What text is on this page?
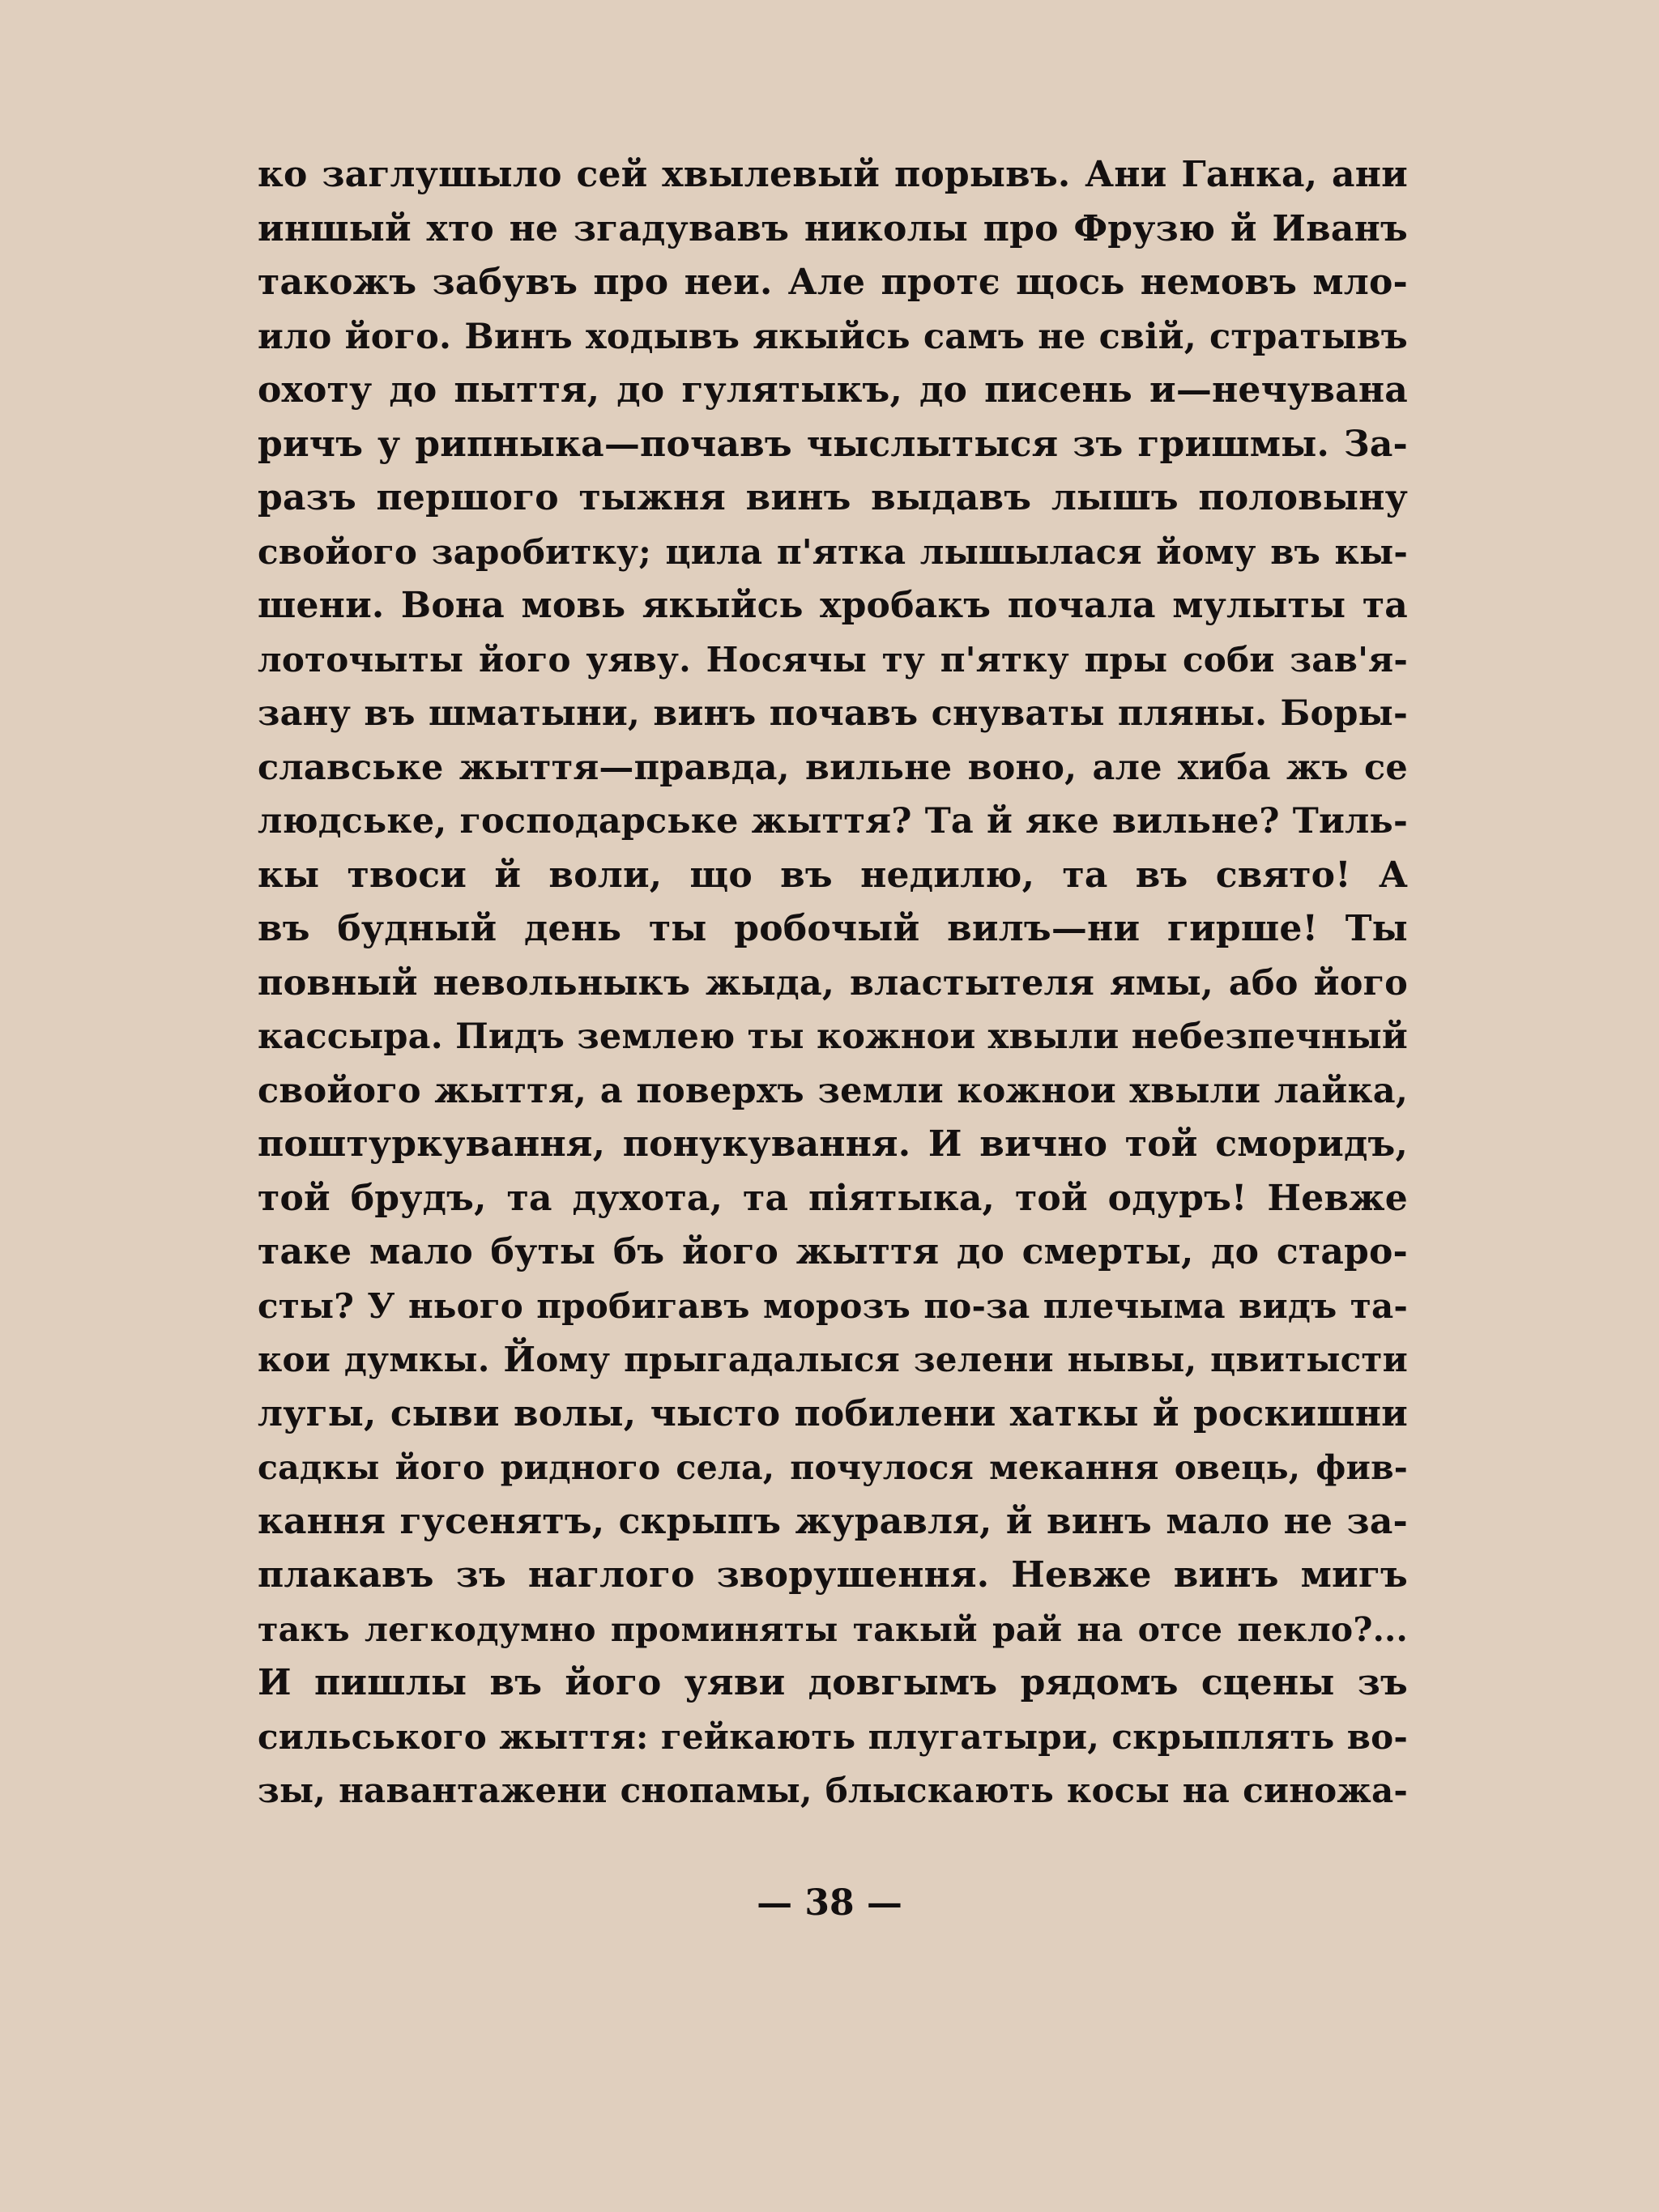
ко заглушыло сей хвылевый порывъ. Ани Ганка, ани
иншый хто не згадувавъ николы про Фрузю й Иванъ
такожъ забувъ про неи. Але протє щось немовъ мло-
ило його. Винъ ходывъ якыйсь самъ не свій, стратывъ
охоту до пыття, до гулятыкъ, до писень и—нечувана
ричъ у рипныка—почавъ чыслытыся зъ гришмы. За-
разъ першого тыжня винъ выдавъ лышъ половыну
свойого заробитку; цила п'ятка лышылася йому въ кы-
шени. Вона мовь якыйсь хробакъ почала мулыты та
лоточыты його уяву. Носячы ту п'ятку пры соби зав'я-
зану въ шматыни, винъ почавъ снуваты пляны. Боры-
славське жыття—правда, вильне воно, але хиба жъ се
людське, господарське жыття? Та й яке вильне? Тиль-
кы твоси й воли, що въ недилю, та въ свято! А
въ будный день ты робочый вилъ—ни гирше! Ты
повный невольныкъ жыда, властытеля ямы, або його
кассыра. Пидъ землею ты кожнои хвыли небезпечный
свойого жыття, а поверхъ земли кожнои хвыли лайка,
поштуркування, понукування. И вично той сморидъ,
той брудъ, та духота, та піятыка, той одуръ! Невже
таке мало буты бъ його жыття до смерты, до старо-
сты? У нього пробигавъ морозъ по-за плечыма видъ та-
кои думкы. Йому прыгадалыся зелени нывы, цвитысти
лугы, сыви волы, чысто побилени хаткы й роскишни
садкы його ридного села, почулося мекання овець, фив-
кання гусенятъ, скрыпъ журавля, й винъ мало не за-
плакавъ зъ наглого зворушення. Невже винъ мигъ
такъ легкодумно проминяты такый рай на отсе пекло?...
И пишлы въ його уяви довгымъ рядомъ сцены зъ
сильського жыття: гейкають плугатыри, скрыплять во-
зы, навантажени снопамы, блыскають косы на синожа-
— 38 —
